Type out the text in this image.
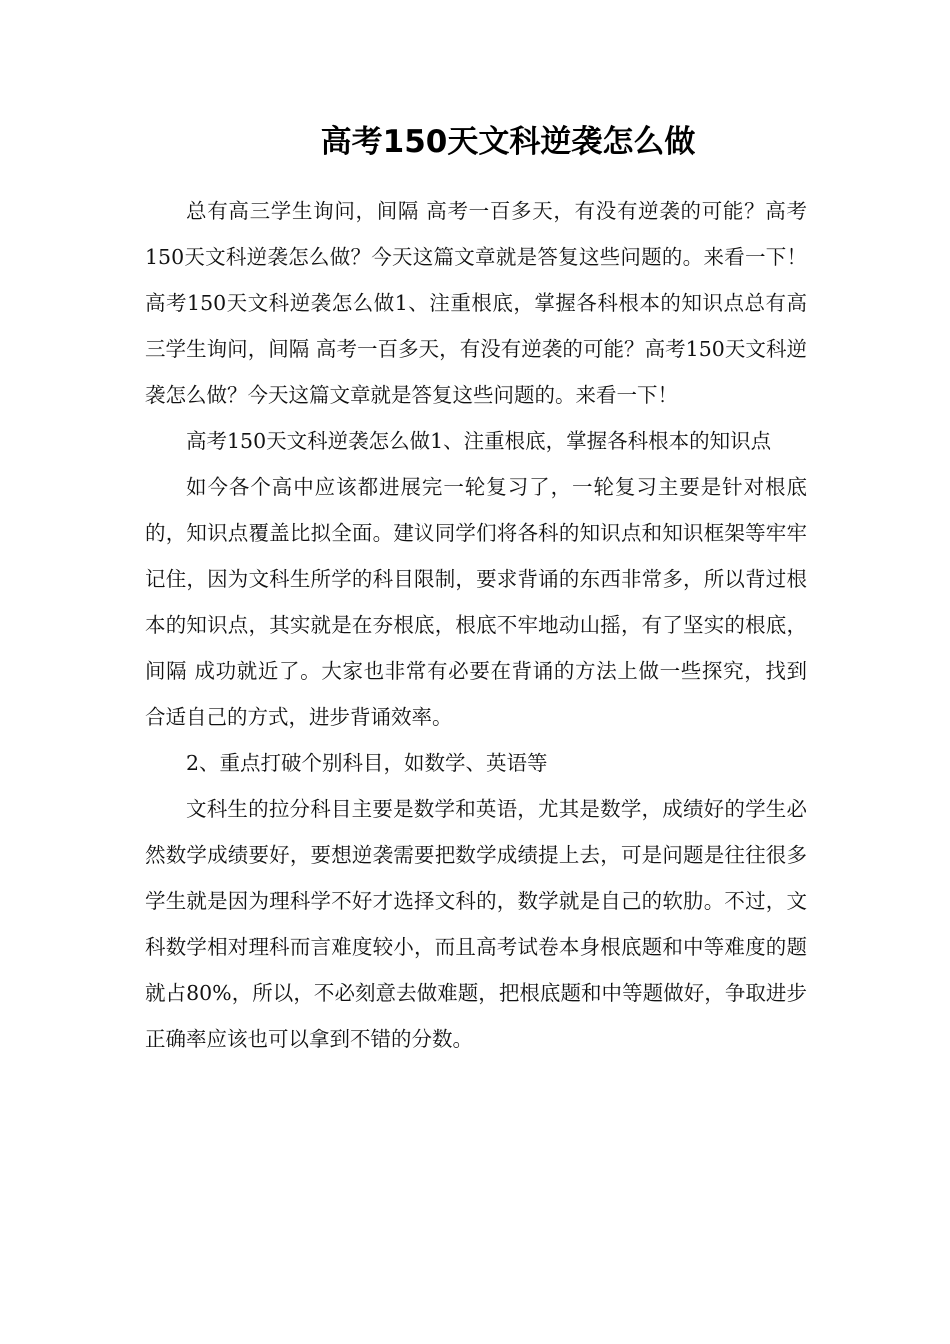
高考150天文科逆袭怎么做

总有高三学生询问，间隔 高考一百多天，有没有逆袭的可能？高考150天文科逆袭怎么做？今天这篇文章就是答复这些问题的。来看一下！高考150天文科逆袭怎么做1、注重根底，掌握各科根本的知识点总有高三学生询问，间隔 高考一百多天，有没有逆袭的可能？高考150天文科逆袭怎么做？今天这篇文章就是答复这些问题的。来看一下！

高考150天文科逆袭怎么做1、注重根底，掌握各科根本的知识点

如今各个高中应该都进展完一轮复习了，一轮复习主要是针对根底的，知识点覆盖比拟全面。建议同学们将各科的知识点和知识框架等牢牢记住，因为文科生所学的科目限制，要求背诵的东西非常多，所以背过根本的知识点，其实就是在夯根底，根底不牢地动山摇，有了坚实的根底，间隔 成功就近了。大家也非常有必要在背诵的方法上做一些探究，找到合适自己的方式，进步背诵效率。

2、重点打破个别科目，如数学、英语等

文科生的拉分科目主要是数学和英语，尤其是数学，成绩好的学生必然数学成绩要好，要想逆袭需要把数学成绩提上去，可是问题是往往很多学生就是因为理科学不好才选择文科的，数学就是自己的软肋。不过，文科数学相对理科而言难度较小，而且高考试卷本身根底题和中等难度的题就占80%，所以，不必刻意去做难题，把根底题和中等题做好，争取进步正确率应该也可以拿到不错的分数。
